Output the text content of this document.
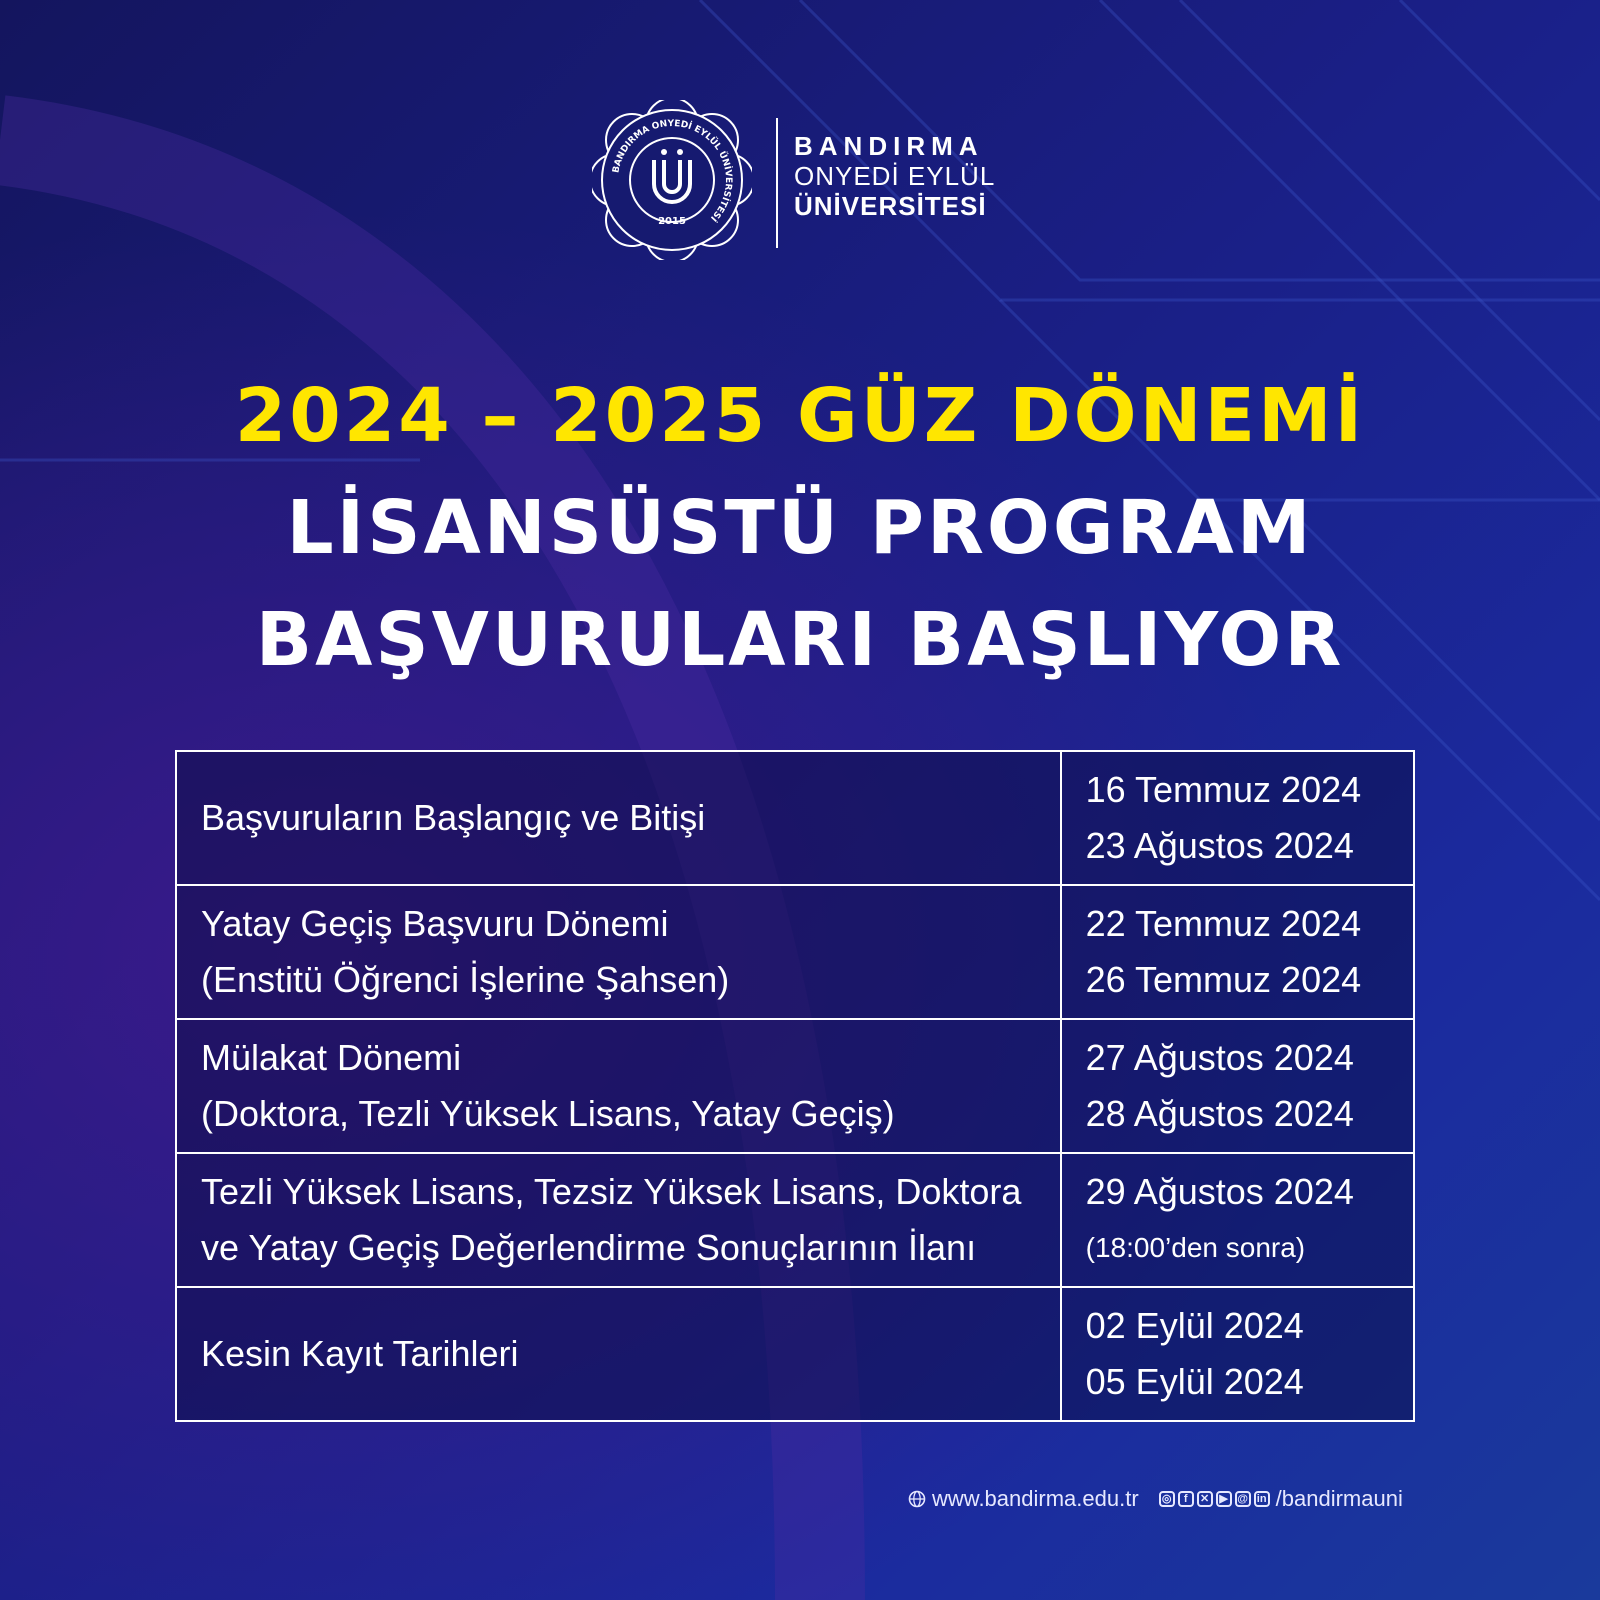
BANDIRMA ONYEDİ EYLÜL ÜNİVERSİTESİ
2015
BANDIRMA
ONYEDİ EYLÜL
ÜNİVERSİTESİ
2024 – 2025 GÜZ DÖNEMİ
LİSANSÜSTÜ PROGRAM
BAŞVURULARI BAŞLIYOR
Başvuruların Başlangıç ve Bitişi	16 Temmuz 2024
23 Ağustos 2024

Yatay Geçiş Başvuru Dönemi
(Enstitü Öğrenci İşlerine Şahsen)	22 Temmuz 2024
26 Temmuz 2024

Mülakat Dönemi
(Doktora, Tezli Yüksek Lisans, Yatay Geçiş)	27 Ağustos 2024
28 Ağustos 2024

Tezli Yüksek Lisans, Tezsiz Yüksek Lisans, Doktora
ve Yatay Geçiş Değerlendirme Sonuçlarının İlanı	29 Ağustos 2024
(18:00’den sonra)

Kesin Kayıt Tarihleri	02 Eylül 2024
05 Eylül 2024
www.bandirma.edu.tr ◎	f	✕ ▶ @ in /bandirmauni
